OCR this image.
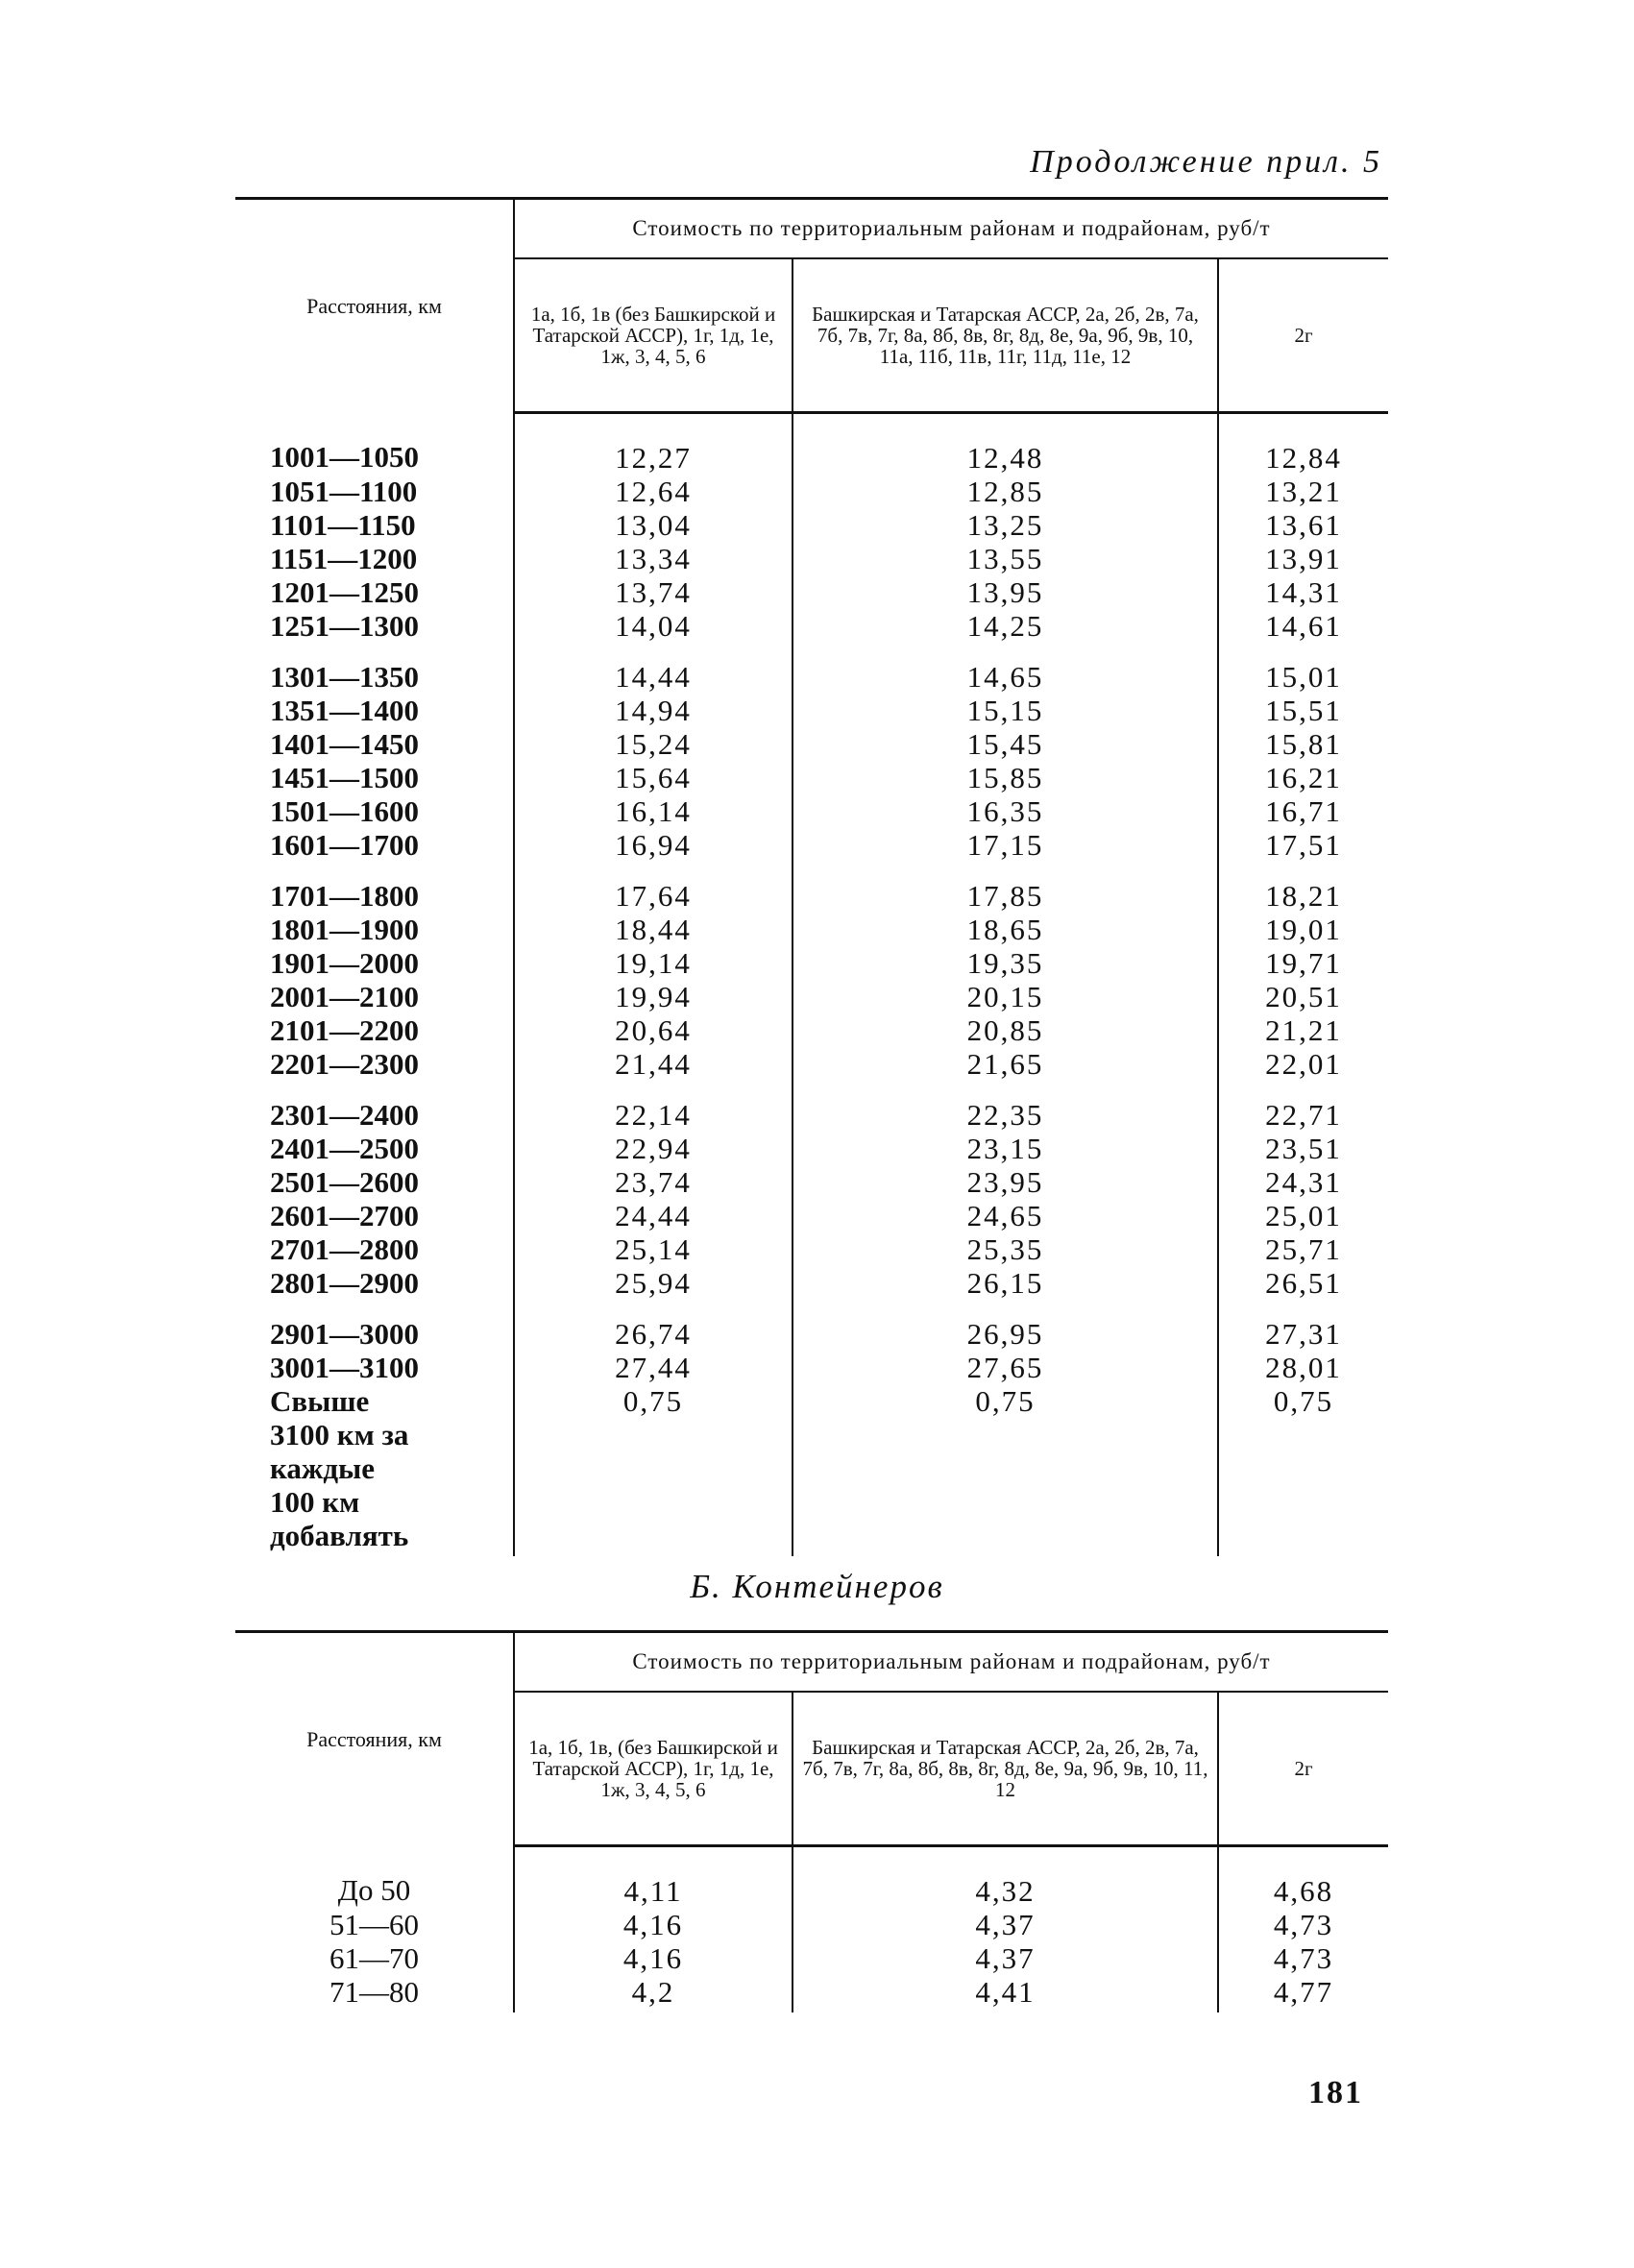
Продолжение прил. 5
Расстояния, км	Стоимость по территориальным районам и подрайонам, руб/т		
	1а, 1б, 1в (без Башкирской и Татарской АССР), 1г, 1д, 1е, 1ж, 3, 4, 5, 6	Башкирская и Татарская АССР, 2а, 2б, 2в, 7а, 7б, 7в, 7г, 8а, 8б, 8в, 8г, 8д, 8е, 9а, 9б, 9в, 10, 11а, 11б, 11в, 11г, 11д, 11е, 12	2г
1001—1050	12,27	12,48	12,84
1051—1100	12,64	12,85	13,21
1101—1150	13,04	13,25	13,61
1151—1200	13,34	13,55	13,91
1201—1250	13,74	13,95	14,31
1251—1300	14,04	14,25	14,61
1301—1350	14,44	14,65	15,01
1351—1400	14,94	15,15	15,51
1401—1450	15,24	15,45	15,81
1451—1500	15,64	15,85	16,21
1501—1600	16,14	16,35	16,71
1601—1700	16,94	17,15	17,51
1701—1800	17,64	17,85	18,21
1801—1900	18,44	18,65	19,01
1901—2000	19,14	19,35	19,71
2001—2100	19,94	20,15	20,51
2101—2200	20,64	20,85	21,21
2201—2300	21,44	21,65	22,01
2301—2400	22,14	22,35	22,71
2401—2500	22,94	23,15	23,51
2501—2600	23,74	23,95	24,31
2601—2700	24,44	24,65	25,01
2701—2800	25,14	25,35	25,71
2801—2900	25,94	26,15	26,51
2901—3000	26,74	26,95	27,31
3001—3100	27,44	27,65	28,01
Свыше 3100 км за каждые 100 км добавлять	0,75	0,75	0,75
Б. Контейнеров
Расстояния, км	Стоимость по территориальным районам и подрайонам, руб/т		
	1а, 1б, 1в, (без Башкирской и Татарской АССР), 1г, 1д, 1е, 1ж, 3, 4, 5, 6	Башкирская и Татарская АССР, 2а, 2б, 2в, 7а, 7б, 7в, 7г, 8а, 8б, 8в, 8г, 8д, 8е, 9а, 9б, 9в, 10, 11, 12	2г
До 50	4,11	4,32	4,68
51—60	4,16	4,37	4,73
61—70	4,16	4,37	4,73
71—80	4,2	4,41	4,77
181
